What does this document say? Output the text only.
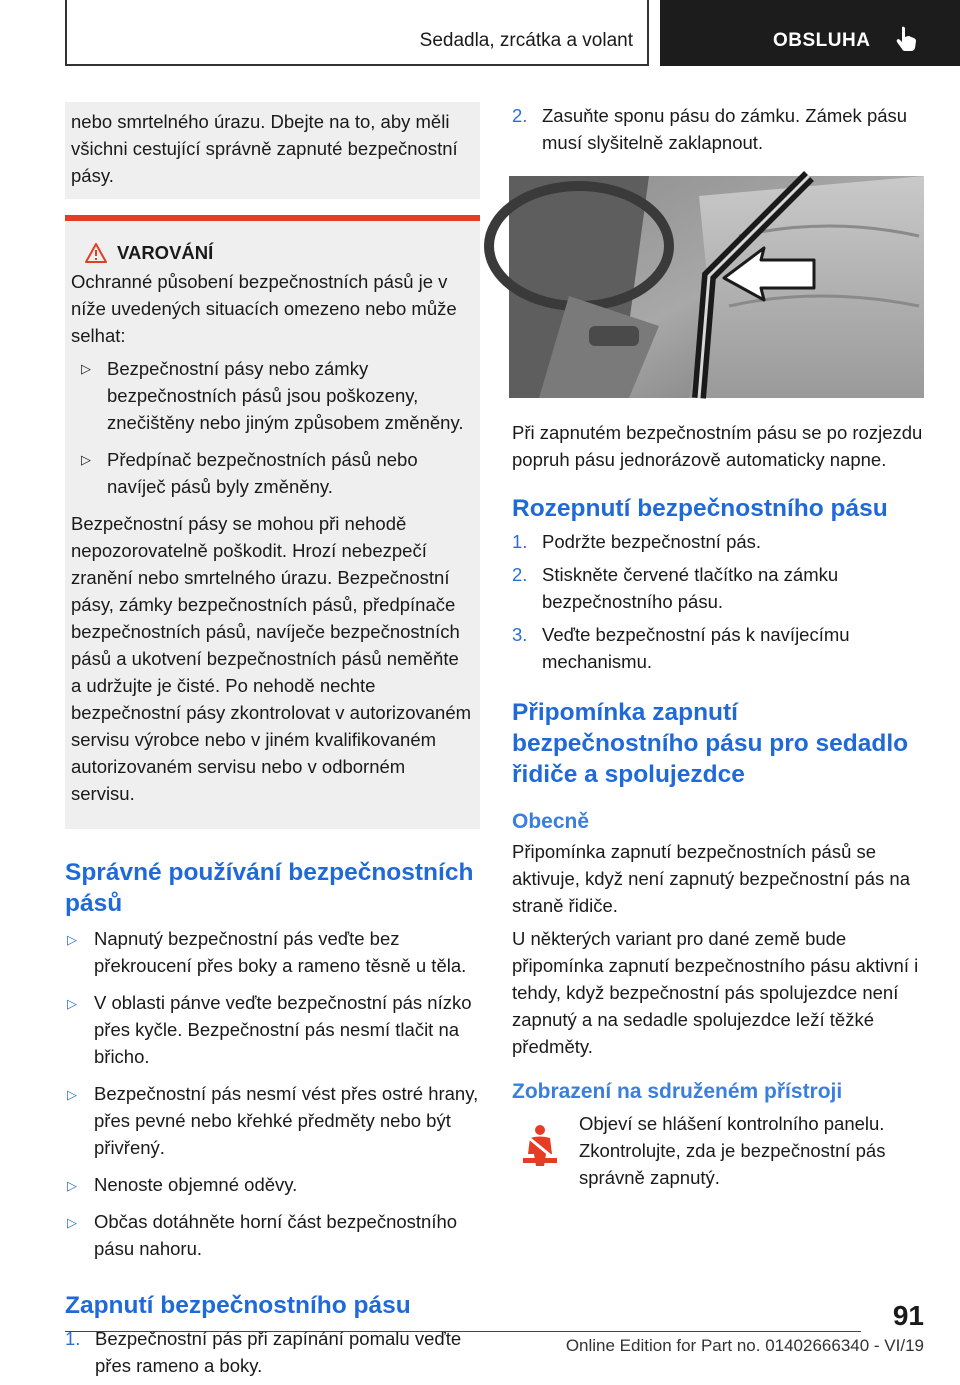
Sedadla, zrcátka a volant	OBSLUHA

nebo smrtelného úrazu. Dbejte na to, aby měli všichni cestující správně zapnuté bezpečnostní pásy.

VAROVÁNÍ

Ochranné působení bezpečnostních pásů je v níže uvedených situacích omezeno nebo může selhat:

▷ Bezpečnostní pásy nebo zámky bezpečnostních pásů jsou poškozeny, znečištěny nebo jiným způsobem změněny.
▷ Předpínač bezpečnostních pásů nebo navíječ pásů byly změněny.

Bezpečnostní pásy se mohou při nehodě nepozorovatelně poškodit. Hrozí nebezpečí zranění nebo smrtelného úrazu. Bezpečnostní pásy, zámky bezpečnostních pásů, předpínače bezpečnostních pásů, navíječe bezpečnostních pásů a ukotvení bezpečnostních pásů neměňte a udržujte je čisté. Po nehodě nechte bezpečnostní pásy zkontrolovat v autorizovaném servisu výrobce nebo v jiném kvalifikovaném autorizovaném servisu nebo v odborném servisu.

Správné používání bezpečnostních pásů
▷ Napnutý bezpečnostní pás veďte bez překroucení přes boky a rameno těsně u těla.
▷ V oblasti pánve veďte bezpečnostní pás nízko přes kyčle. Bezpečnostní pás nesmí tlačit na břicho.
▷ Bezpečnostní pás nesmí vést přes ostré hrany, přes pevné nebo křehké předměty nebo být přivřený.
▷ Nenoste objemné oděvy.
▷ Občas dotáhněte horní část bezpečnostního pásu nahoru.
Zapnutí bezpečnostního pásu
1. Bezpečnostní pás při zapínání pomalu veďte přes rameno a boky.
2. Zasuňte sponu pásu do zámku. Zámek pásu musí slyšitelně zaklapnout.

Při zapnutém bezpečnostním pásu se po rozjezdu popruh pásu jednorázově automaticky napne.

Rozepnutí bezpečnostního pásu
1. Podržte bezpečnostní pás.
2. Stiskněte červené tlačítko na zámku bezpečnostního pásu.
3. Veďte bezpečnostní pás k navíjecímu mechanismu.
Připomínka zapnutí bezpečnostního pásu pro sedadlo řidiče a spolujezdce
Obecně

Připomínka zapnutí bezpečnostních pásů se aktivuje, když není zapnutý bezpečnostní pás na straně řidiče.

U některých variant pro dané země bude připomínka zapnutí bezpečnostního pásu aktivní i tehdy, když bezpečnostní pás spolujezdce není zapnutý a na sedadle spolujezdce leží těžké předměty.

Zobrazení na sdruženém přístroji

Objeví se hlášení kontrolního panelu. Zkontrolujte, zda je bezpečnostní pás správně zapnutý.

91
Online Edition for Part no. 01402666340 - VI/19
